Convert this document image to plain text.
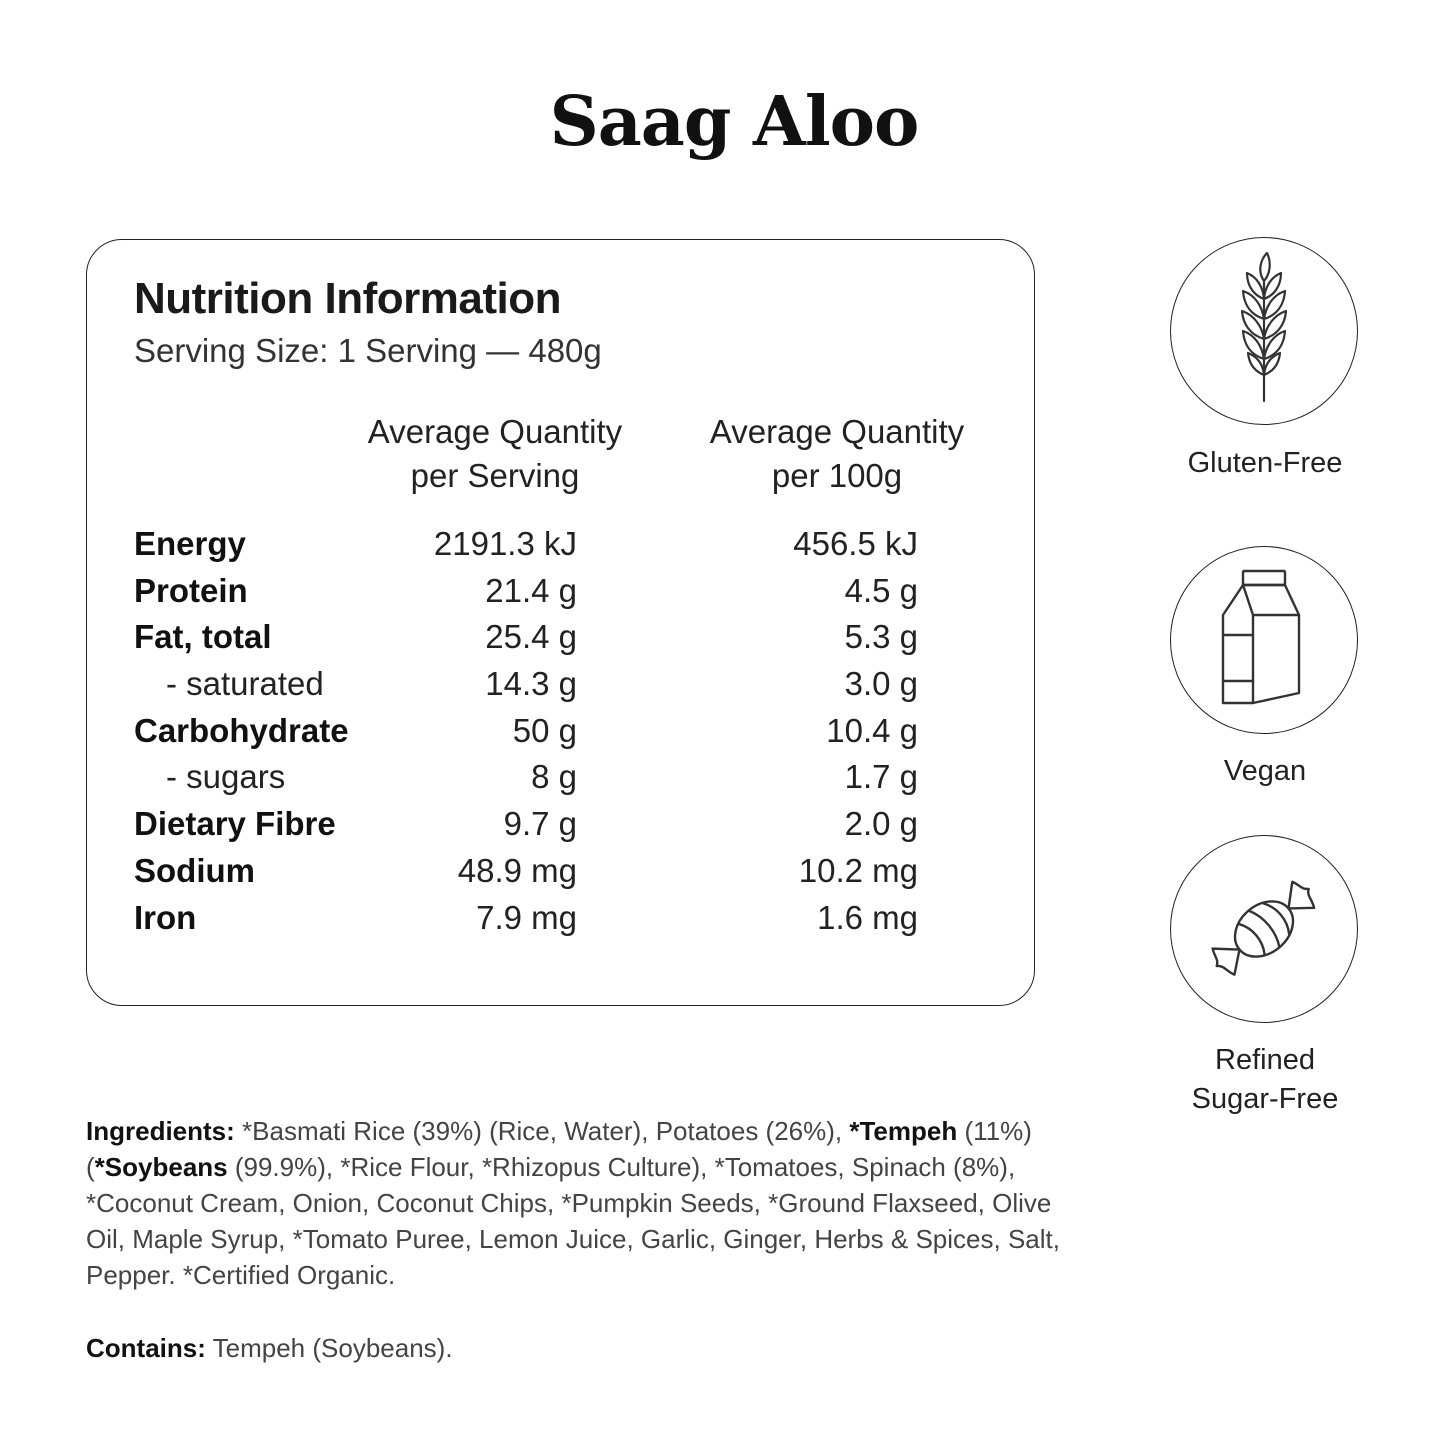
Saag Aloo
Nutrition Information
Serving Size: 1 Serving — 480g
Average Quantity
per Serving
Average Quantity
per 100g
Energy	2191.3 kJ	456.5 kJ
Protein	21.4 g	4.5 g
Fat, total	25.4 g	5.3 g
- saturated	14.3 g	3.0 g
Carbohydrate	50 g	10.4 g
- sugars	8 g	1.7 g
Dietary Fibre	9.7 g	2.0 g
Sodium	48.9 mg	10.2 mg
Iron	7.9 mg	1.6 mg
Gluten-Free
Vegan
Refined
Sugar-Free
Ingredients: *Basmati Rice (39%) (Rice, Water), Potatoes (26%), *Tempeh (11%) (*Soybeans (99.9%), *Rice Flour, *Rhizopus Culture), *Tomatoes, Spinach (8%), *Coconut Cream, Onion, Coconut Chips, *Pumpkin Seeds, *Ground Flaxseed, Olive Oil, Maple Syrup, *Tomato Puree, Lemon Juice, Garlic, Ginger, Herbs & Spices, Salt, Pepper. *Certified Organic.
Contains: Tempeh (Soybeans).
